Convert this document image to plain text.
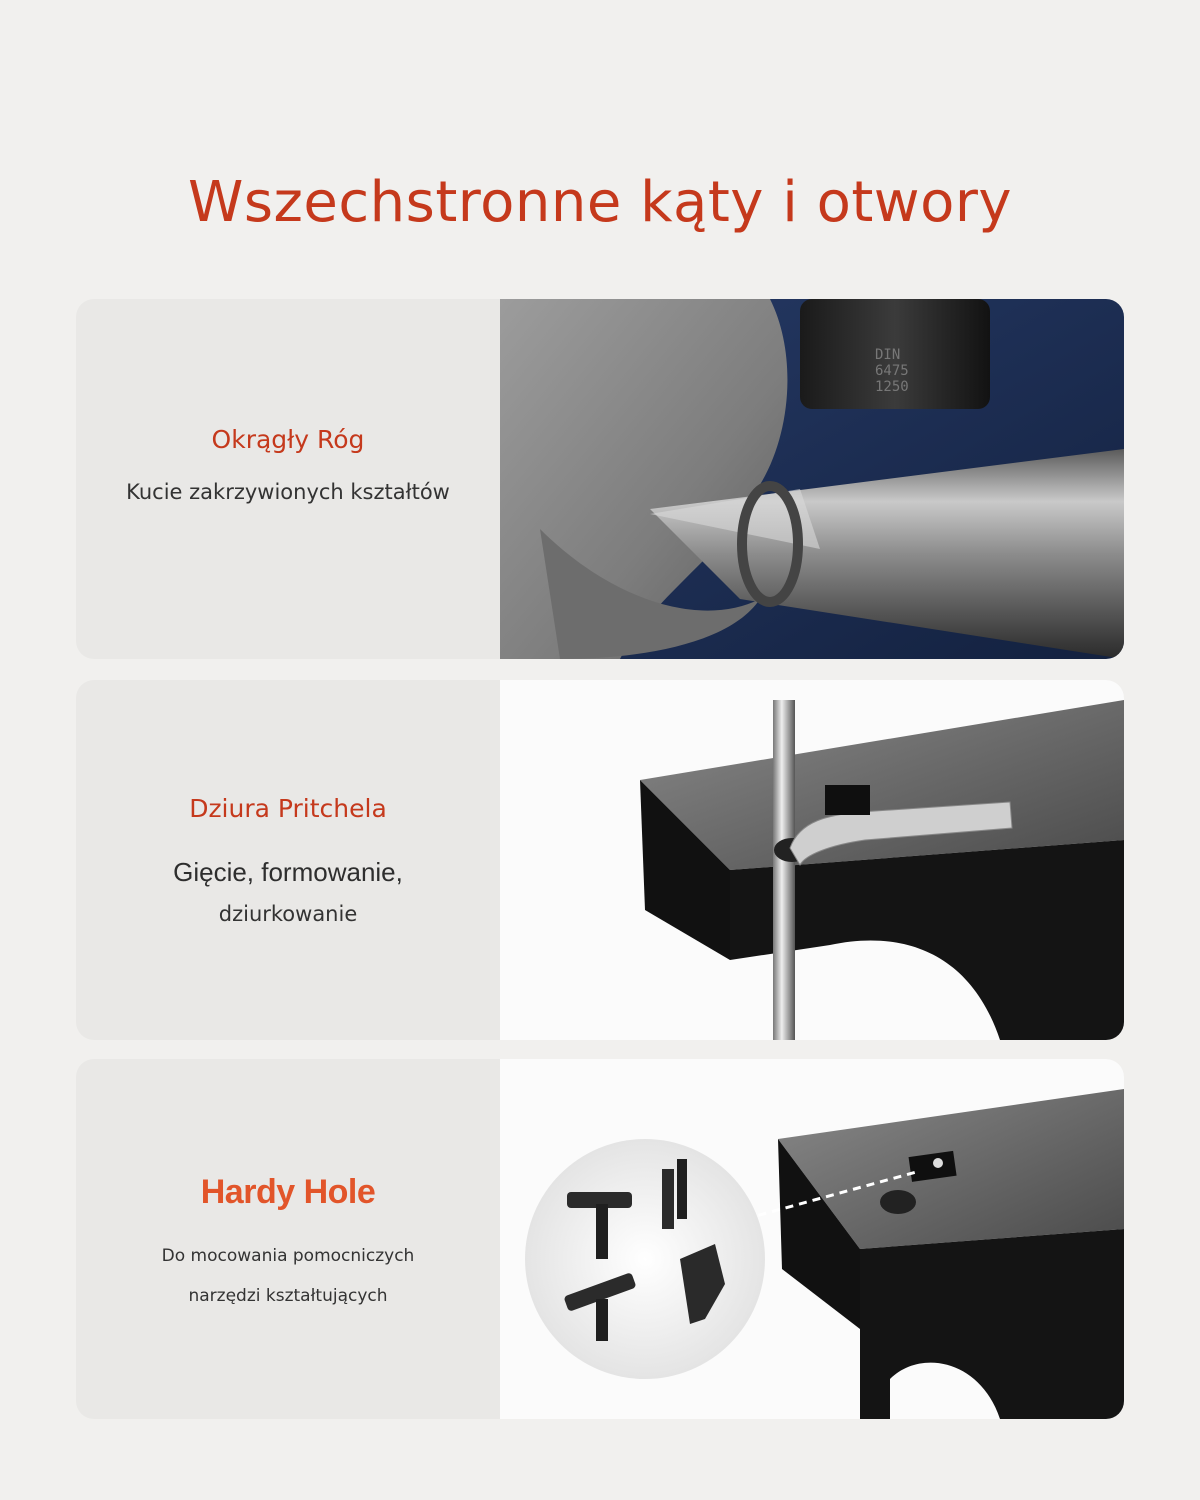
Wszechstronne kąty i otwory
Okrągły Róg
Kucie zakrzywionych kształtów
DIN
6475
1250
Dziura Pritchela
Gięcie, formowanie,
dziurkowanie
Hardy Hole
Do mocowania pomocniczych
narzędzi kształtujących
